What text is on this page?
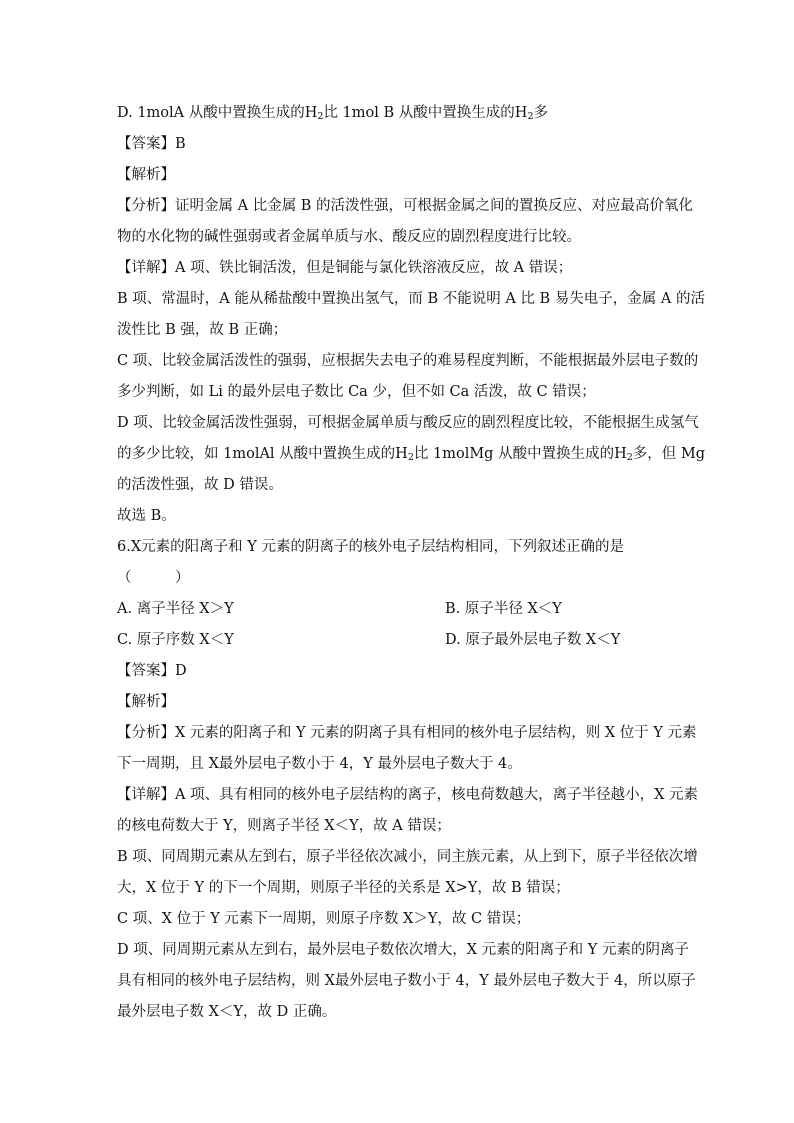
D. 1molA 从酸中置换生成的$H_2$比 1mol B 从酸中置换生成的$H_2$多
【答案】B
【解析】
【分析】证明金属 A 比金属 B 的活泼性强，可根据金属之间的置换反应、对应最高价氧化
物的水化物的碱性强弱或者金属单质与水、酸反应的剧烈程度进行比较。
【详解】A 项、铁比铜活泼，但是铜能与氯化铁溶液反应，故 A 错误；
B 项、常温时，A 能从稀盐酸中置换出氢气，而 B 不能说明 A 比 B 易失电子，金属 A 的活
泼性比 B 强，故 B 正确；
C 项、比较金属活泼性的强弱，应根据失去电子的难易程度判断，不能根据最外层电子数的
多少判断，如 Li 的最外层电子数比 Ca 少，但不如 Ca 活泼，故 C 错误；
D 项、比较金属活泼性强弱，可根据金属单质与酸反应的剧烈程度比较，不能根据生成氢气
的多少比较，如 1molAl 从酸中置换生成的$H_2$比 1molMg 从酸中置换生成的$H_2$多，但 Mg
的活泼性强，故 D 错误。
故选 B。
6.X元素的阳离子和 Y 元素的阴离子的核外电子层结构相同，下列叙述正确的是
（　　　）
A. 离子半径 X＞Y	B. 原子半径 X＜Y
C. 原子序数 X＜Y	D. 原子最外层电子数 X＜Y
【答案】D
【解析】
【分析】X 元素的阳离子和 Y 元素的阴离子具有相同的核外电子层结构，则 X 位于 Y 元素
下一周期，且 X最外层电子数小于 4，Y 最外层电子数大于 4。
【详解】A 项、具有相同的核外电子层结构的离子，核电荷数越大，离子半径越小，X 元素
的核电荷数大于 Y，则离子半径 X＜Y，故 A 错误；
B 项、同周期元素从左到右，原子半径依次减小，同主族元素，从上到下，原子半径依次增
大，X 位于 Y 的下一个周期，则原子半径的关系是 X>Y，故 B 错误；
C 项、X 位于 Y 元素下一周期，则原子序数 X＞Y，故 C 错误；
D 项、同周期元素从左到右，最外层电子数依次增大，X 元素的阳离子和 Y 元素的阴离子
具有相同的核外电子层结构，则 X最外层电子数小于 4，Y 最外层电子数大于 4，所以原子
最外层电子数 X＜Y，故 D 正确。
